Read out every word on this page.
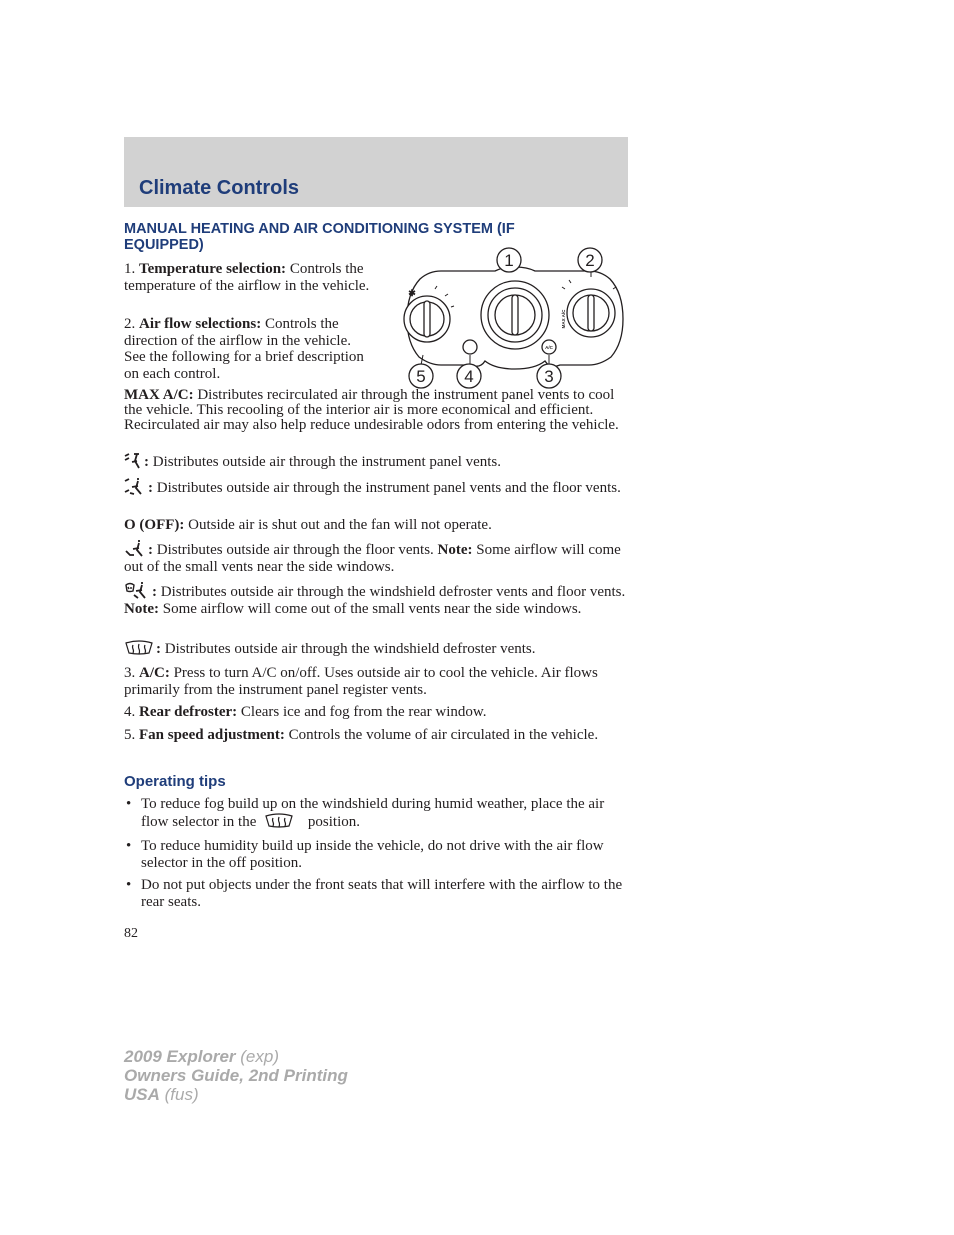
Climate Controls
MANUAL HEATING AND AIR CONDITIONING SYSTEM (IF EQUIPPED)
1	2
5 4	3
MAX A/C
A/C
✱

1. Temperature selection: Controls the temperature of the airflow in the vehicle.

2. Air flow selections: Controls the direction of the airflow in the vehicle. See the following for a brief description on each control.

MAX A/C: Distributes recirculated air through the instrument panel vents to cool the vehicle. This recooling of the interior air is more economical and efficient. Recirculated air may also help reduce undesirable odors from entering the vehicle.

: Distributes outside air through the instrument panel vents.

: Distributes outside air through the instrument panel vents and the floor vents.

O (OFF): Outside air is shut out and the fan will not operate.

: Distributes outside air through the floor vents. Note: Some airflow will come out of the small vents near the side windows.

: Distributes outside air through the windshield defroster vents and floor vents. Note: Some airflow will come out of the small vents near the side windows.

: Distributes outside air through the windshield defroster vents.

3. A/C: Press to turn A/C on/off. Uses outside air to cool the vehicle. Air flows primarily from the instrument panel register vents.

4. Rear defroster: Clears ice and fog from the rear window.

5. Fan speed adjustment: Controls the volume of air circulated in the vehicle.

Operating tips
• To reduce fog build up on the windshield during humid weather, place the air flow selector in the	position.
• To reduce humidity build up inside the vehicle, do not drive with the air flow selector in the off position.
• Do not put objects under the front seats that will interfere with the airflow to the rear seats.
82
2009 Explorer (exp)
Owners Guide, 2nd Printing
USA (fus)
